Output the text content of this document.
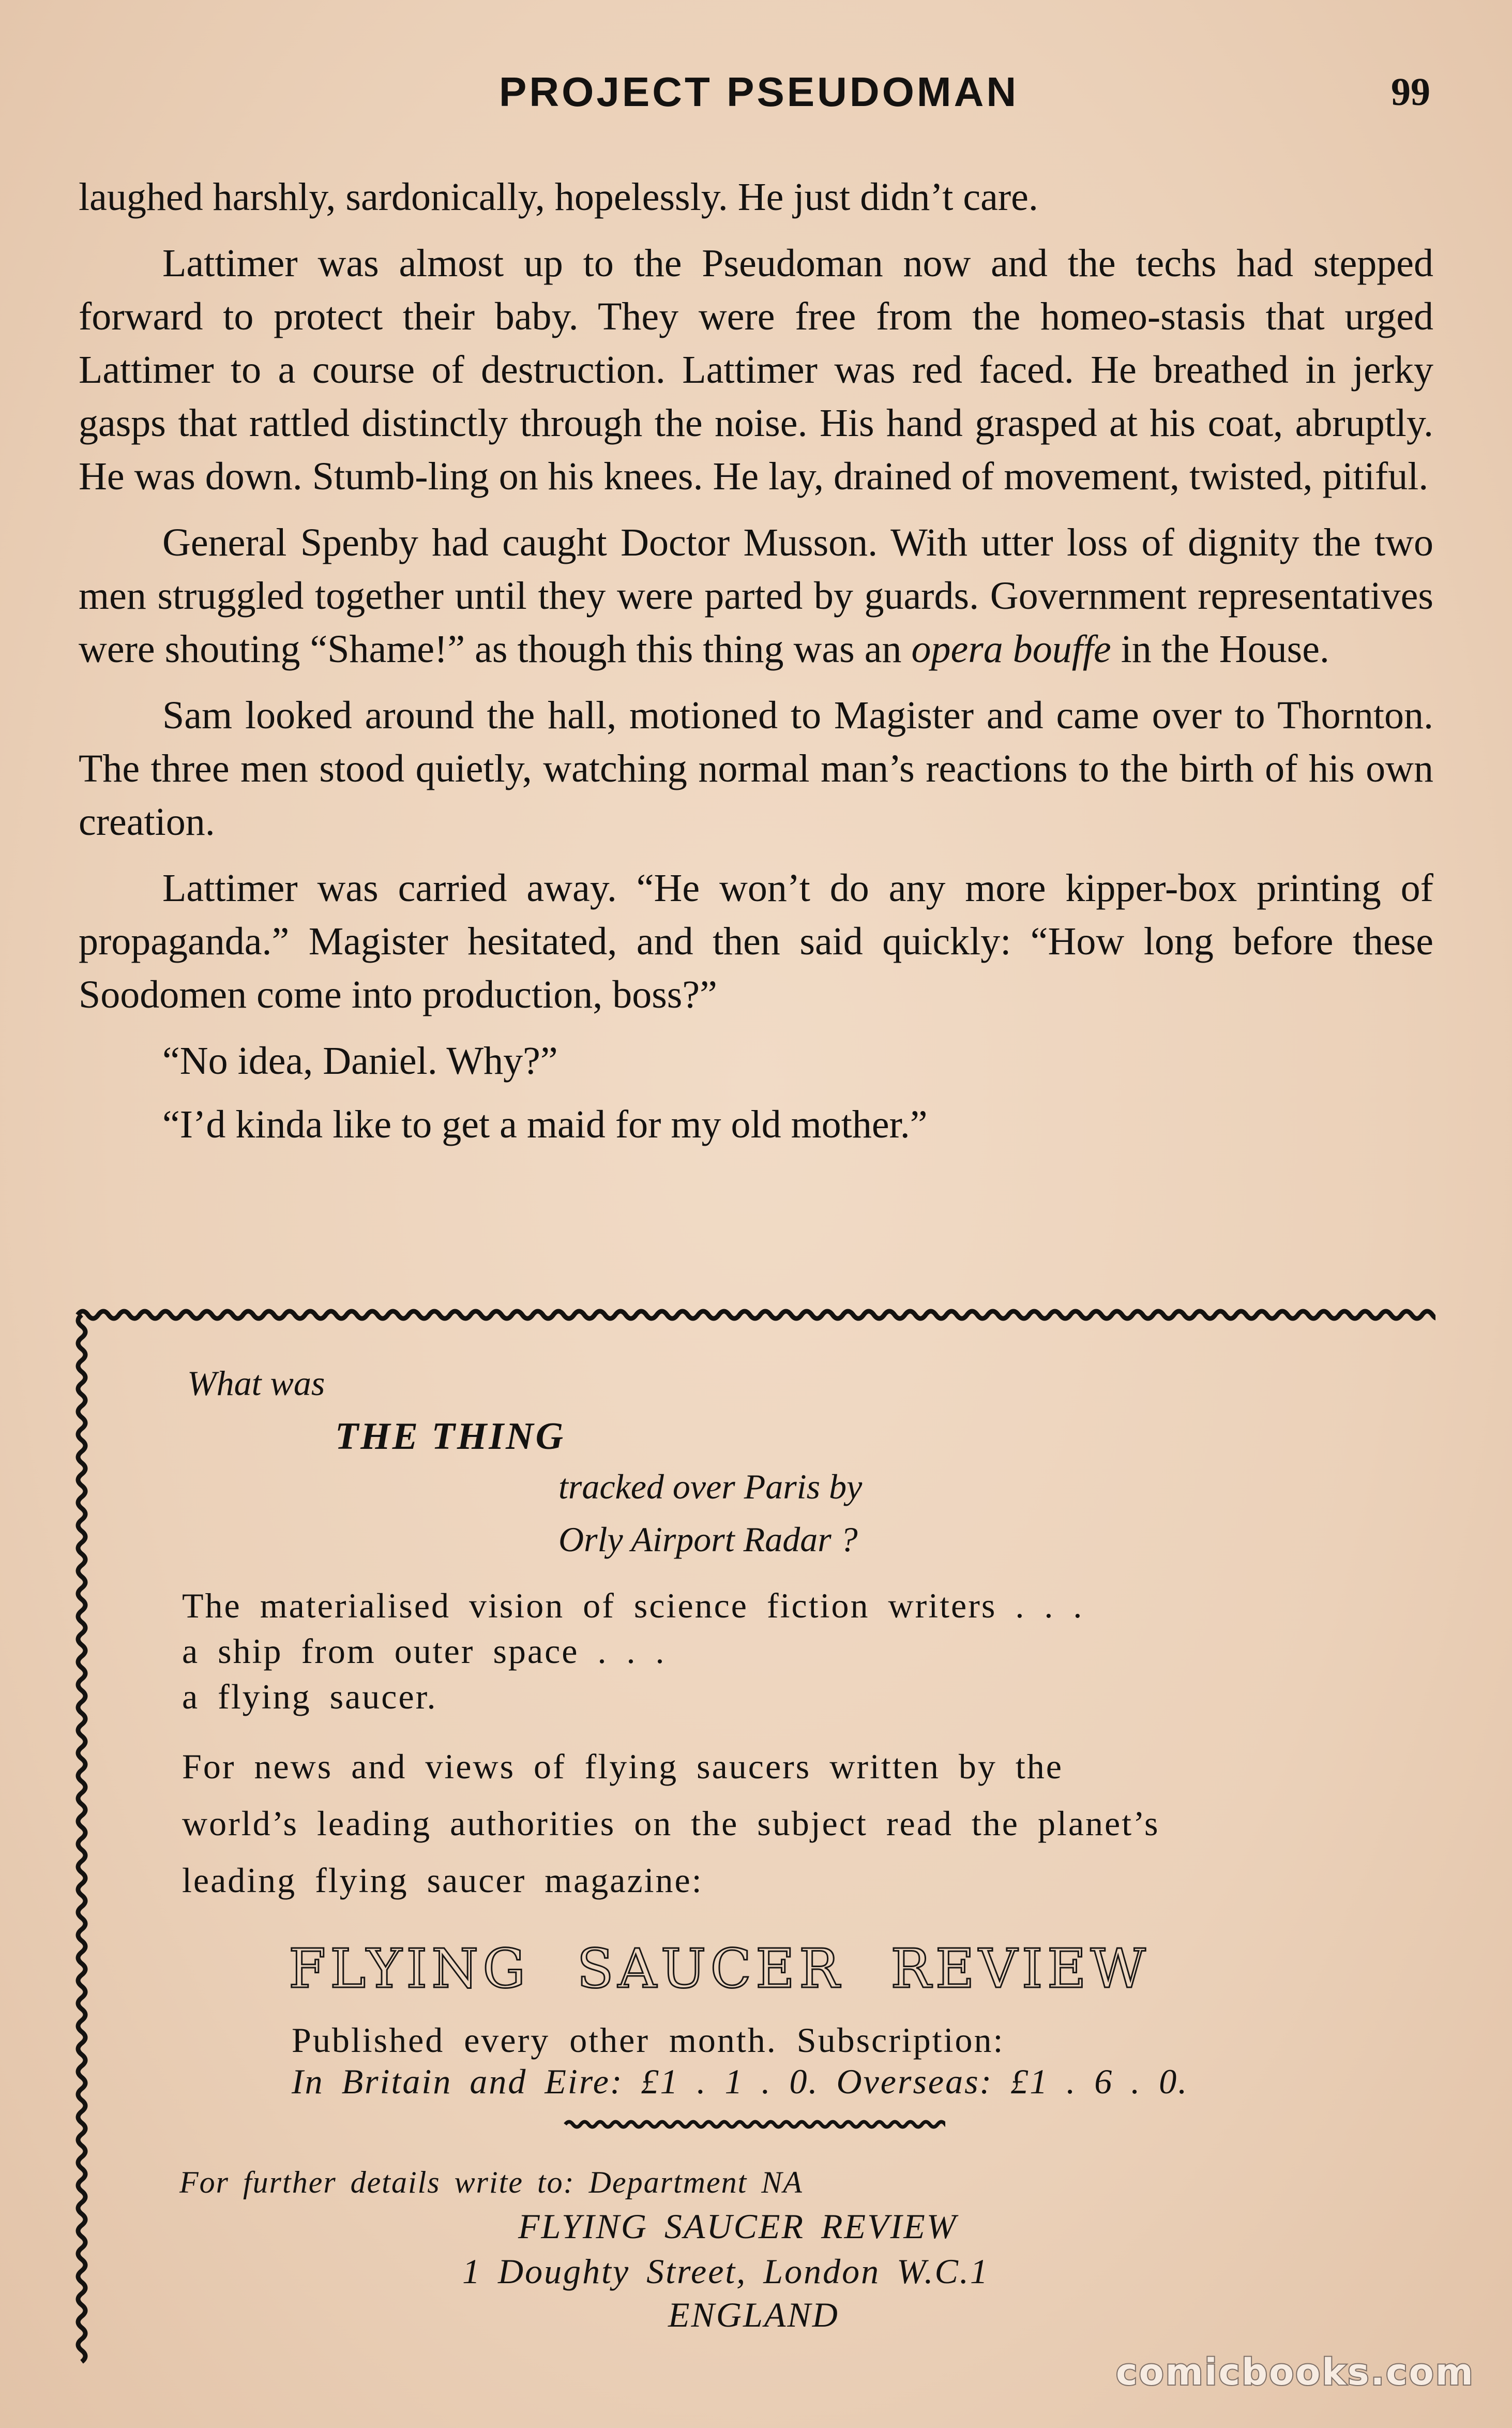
PROJECT PSEUDOMAN	99

laughed harshly, sardonically, hopelessly. He just didn’t care.

Lattimer was almost up to the Pseudoman now and the techs had stepped forward to protect their baby. They were free from the homeo-stasis that urged Lattimer to a course of destruction. Lattimer was red faced. He breathed in jerky gasps that rattled distinctly through the noise. His hand grasped at his coat, abruptly. He was down. Stumb-ling on his knees. He lay, drained of movement, twisted, pitiful.

General Spenby had caught Doctor Musson. With utter loss of dignity the two men struggled together until they were parted by guards. Government representatives were shouting “Shame!” as though this thing was an opera bouffe in the House.

Sam looked around the hall, motioned to Magister and came over to Thornton. The three men stood quietly, watching normal man’s reactions to the birth of his own creation.

Lattimer was carried away. “He won’t do any more kipper-box printing of propaganda.” Magister hesitated, and then said quickly: “How long before these Soodomen come into production, boss?”

“No idea, Daniel. Why?”

“I’d kinda like to get a maid for my old mother.”

What was
THE THING
tracked over Paris by
Orly Airport Radar ?
The materialised vision of science fiction writers . . .
a ship from outer space . . .
a flying saucer.
For news and views of flying saucers written by the
world’s leading authorities on the subject read the planet’s
leading flying saucer magazine:
FLYING SAUCER REVIEW
Published every other month. Subscription:
In Britain and Eire: £1 . 1 . 0. Overseas: £1 . 6 . 0.
For further details write to: Department NA
FLYING SAUCER REVIEW
1 Doughty Street, London W.C.1
ENGLAND
comicbooks.com
